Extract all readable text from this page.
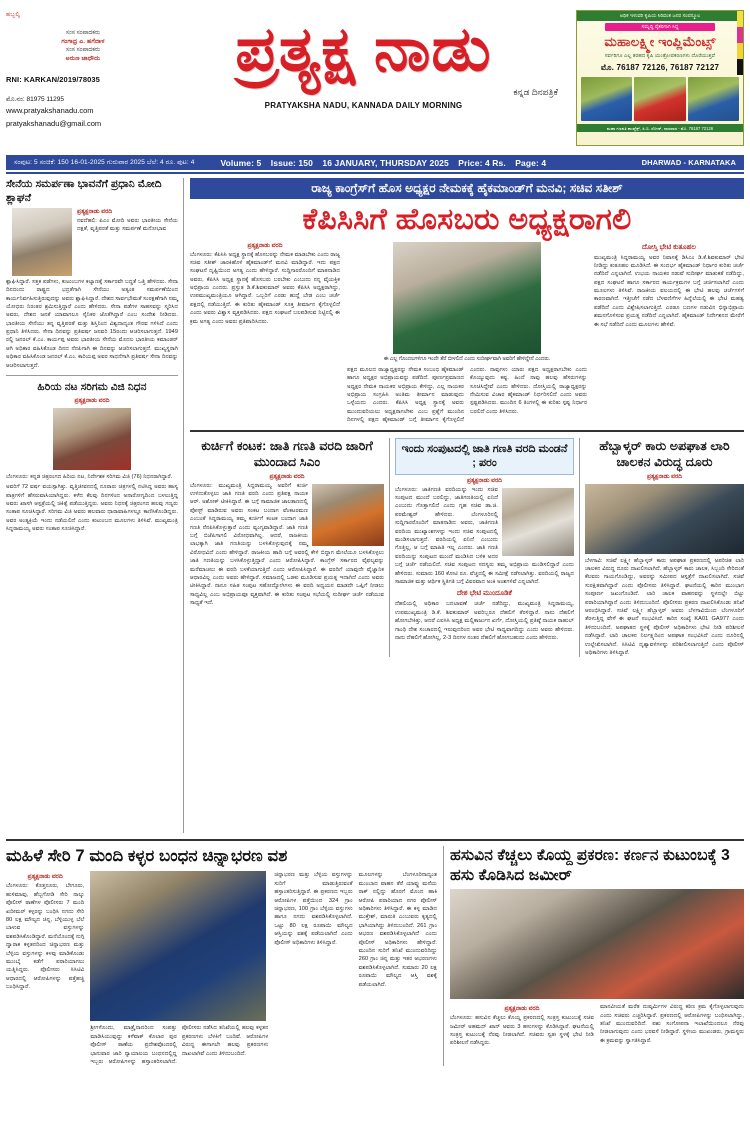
ಹಬ್ಬಲ್ಕಿ
ಸಂಸ ಸಂಪಾದಕರು
ಗಂಗಾಧ್ರ ಎ. ಹಗೆದಾಳ
ಸಂಸ ಸಂಪಾದಕರು
ಅರುಣ ಜಾಧೌದು
RNI: KARKAN/2019/78035
ಮೊ.ನಂ: 81975 11295
www.pratyakshanadu.com
pratyakshanadu@gmail.com
ಪ್ರತ್ಯಕ್ಷ ನಾಡು
ಕನ್ನಡ ದಿನಪತ್ರಿಕೆ
PRATYAKSHA NADU, KANNADA DAILY MORNING
ಅಧಿಕ ಇಳುವರಿ ಕೃಷಿಯ ಸಿರಿವಂತ ಜನರ ಸಂಪನ್ಮೂಲ
ಸಮೃದ್ಧಿ ರೈತರಿಗಾಗಿ ಸಿದ್ಧ
ಮಹಾಲಕ್ಷ್ಮೀ ಇಂಪ್ಲಿಮೆಂಟ್ಸ್
ಸರ್ವರಿಗೂ ಎಲ್ಲ ತರಹದ ಕೃಷಿ ಯಂತ್ರೋಪಕರಣಗಳು ದೊರೆಯುತ್ತವೆ
ಮೊ. 76187 72126, 76187 72127
ಮಹಾ ಗಣಪತಿ ಕಾಂಪ್ಲೆಕ್ಸ್, ಪಿ.ಬಿ. ರೋಡ್, ಧಾರವಾಡ - ಮೊ. 76187 72126
ಸಂಪುಟ: 5 ಸಂಚಿಕೆ: 150 16-01-2025 ಗುರುವಾರ 2025 ಬೆಲೆ: 4 ರೂ. ಪುಟ: 4	Volume: 5 Issue: 150 16 JANUARY, THURSDAY 2025 Price: 4 Rs. Page: 4	DHARWAD - KARNATAKA
ಸೇನೆಯ ಸಮರ್ಪಣಾ ಭಾವನೆಗೆ ಪ್ರಧಾನಿ ಮೋದಿ ಶ್ಲಾಘನೆ
ಪ್ರತ್ಯಕ್ಷನಾಡು ವರದಿ
ನವದೆಹಲಿ: ಪಿಎಂ ಮೋದಿ ಅವರು ಭಾರತೀಯ ಸೇನೆಯ ದಕ್ಷತೆ, ವೃತ್ತಿಪರತೆ ಮತ್ತು ಸಮರ್ಪಣೆ ಮನೋಭಾವ
ಶ್ಲಾಘಿಸಿದ್ದಾರೆ. ಸತ್ತಕ ಪಡೆಗಳು, ಕುಟುಂಬಗಳ ಕಲ್ಯಾಣಕ್ಕೆ ಸರ್ಕಾರವೇ ಬದ್ಧತೆ ಒತ್ತಿ ಹೇಳಿದರು. ಸೇನಾ ದಿನದಂದು ರಾಷ್ಟ್ರದ ಭದ್ರತೆಗಾಗಿ ಸೇನೆಯು ಅತ್ಯಂತ ಸಮರ್ಪಣೆಯಿಂದ ಕಾರ್ಯನಿರ್ವಹಿಸುತ್ತಿರುವುದನ್ನು ಅವರು ಶ್ಲಾಘಿಸಿದ್ದಾರೆ. ದೇಶದ ಸಾರ್ವಭೌಮತೆ ಸಂರಕ್ಷಣೆಗಾಗಿ ನಮ್ಮ ಯೋಧರು ನಿರಂತರ ಶ್ರಮಿಸುತ್ತಿದ್ದಾರೆ ಎಂದು ಹೇಳಿದರು. ಸೇನಾ ಪಡೆಗಳ ಸಾಹಸವನ್ನು ಸ್ಮರಿಸಿದ ಅವರು, ದೇಶದ ಜನತೆ ಯಾವಾಗಲೂ ಸೈನಿಕರ ಜೊತೆಗಿದ್ದಾರೆ ಎಂಬ ಸಂದೇಶ ನೀಡಿದರು. ಭಾರತೀಯ ಸೇನೆಯು ತನ್ನ ವೃತ್ತಿಪರತೆ ಮತ್ತು ಶಿಸ್ತಿನಿಂದ ವಿಶ್ವದಾದ್ಯಂತ ಗೌರವ ಗಳಿಸಿದೆ ಎಂದು ಪ್ರಧಾನಿ ತಿಳಿಸಿದರು. ಸೇನಾ ದಿನವನ್ನು ಪ್ರತಿವರ್ಷ ಜನವರಿ 15ರಂದು ಆಚರಿಸಲಾಗುತ್ತದೆ. 1949 ರಲ್ಲಿ ಜನರಲ್ ಕೆ.ಎಂ. ಕಾರ್ಯಪ್ಪ ಅವರು ಭಾರತೀಯ ಸೇನೆಯ ಮೊದಲ ಭಾರತೀಯ ಕಮಾಂಡರ್ ಆಗಿ ಅಧಿಕಾರ ವಹಿಸಿಕೊಂಡ ದಿನದ ನೆನಪಿಗಾಗಿ ಈ ದಿನವನ್ನು ಆಚರಿಸಲಾಗುತ್ತದೆ. ಮುಖ್ಯಸ್ಥರಾಗಿ ಅಧಿಕಾರ ವಹಿಸಿಕೊಂಡ ಜನರಲ್ ಕೆ.ಎಂ. ಕಾರಿಯಪ್ಪ ಅವರ ಸಾಧನೆಗಾಗಿ ಪ್ರತಿವರ್ಷ ಸೇನಾ ದಿನವನ್ನು ಆಚರಿಸಲಾಗುತ್ತದೆ.
ಹಿರಿಯ ನಟ ಸರಿಗಮ ವಿಜಿ ನಿಧನ
ಪ್ರತ್ಯಕ್ಷನಾಡು ವರದಿ
ಬೆಂಗಳೂರು: ಕನ್ನಡ ಚಿತ್ರರಂಗದ ಹಿರಿಯ ನಟ, ನಿರ್ದೇಶಕ ಸರಿಗಮ ವಿಜಿ (76) ನಿಧನರಾಗಿದ್ದಾರೆ.
ಅವರಿಗೆ 72 ವರ್ಷ ವಯಸ್ಸಾಗಿತ್ತು. ವೃತ್ತಿಜೀವನದಲ್ಲಿ ನೂರಾರು ಚಿತ್ರಗಳಲ್ಲಿ ನಟಿಸಿದ್ದ ಅವರು ಹಾಸ್ಯ ಪಾತ್ರಗಳಿಗೆ ಹೆಸರುವಾಸಿಯಾಗಿದ್ದರು. ಕಳೆದ ಕೆಲವು ದಿನಗಳಿಂದ ಅನಾರೋಗ್ಯದಿಂದ ಬಳಲುತ್ತಿದ್ದ ಅವರು ಖಾಸಗಿ ಆಸ್ಪತ್ರೆಯಲ್ಲಿ ಚಿಕಿತ್ಸೆ ಪಡೆಯುತ್ತಿದ್ದರು. ಅವರು ನಿಧನಕ್ಕೆ ಚಿತ್ರರಂಗದ ಹಲವು ಗಣ್ಯರು ಸಂತಾಪ ಸೂಚಿಸಿದ್ದಾರೆ. ಸರಿಗಮ ವಿಜಿ ಅವರು ಹಲವಾರು ಧಾರಾವಾಹಿಗಳಲ್ಲೂ ಕಾಣಿಸಿಕೊಂಡಿದ್ದರು. ಅವರ ಅಂತ್ಯಕ್ರಿಯೆ ಇಂದು ನಡೆಯಲಿದೆ ಎಂದು ಕುಟುಂಬದ ಮೂಲಗಳು ತಿಳಿಸಿವೆ. ಮುಖ್ಯಮಂತ್ರಿ ಸಿದ್ದರಾಮಯ್ಯ ಅವರು ಸಂತಾಪ ಸೂಚಿಸಿದ್ದಾರೆ.
ರಾಜ್ಯ ಕಾಂಗ್ರೆಸ್‌ಗೆ ಹೊಸ ಅಧ್ಯಕ್ಷರ ನೇಮಕಕ್ಕೆ ಹೈಕಮಾಂಡ್‌ಗೆ ಮನವಿ; ಸಚಿವ ಸತೀಶ್
ಕೆಪಿಸಿಸಿಗೆ ಹೊಸಬರು ಅಧ್ಯಕ್ಷರಾಗಲಿ
ಪ್ರತ್ಯಕ್ಷನಾಡು ವರದಿ
ಬೆಂಗಳೂರು: ಕೆಪಿಸಿಸಿ ಅಧ್ಯಕ್ಷ ಸ್ಥಾನಕ್ಕೆ ಹೊಸಬರನ್ನು ನೇಮಕ ಮಾಡಬೇಕು ಎಂದು ರಾಜ್ಯ ಸಚಿವ ಸತೀಶ್ ಜಾರಕಿಹೊಳಿ ಹೈಕಮಾಂಡ್‌ಗೆ ಮನವಿ ಮಾಡಿದ್ದಾರೆ. ಇದು ಪಕ್ಷದ ಸಂಘಟನೆ ದೃಷ್ಟಿಯಿಂದ ಅಗತ್ಯ ಎಂದು ಹೇಳಿದ್ದಾರೆ. ಸುದ್ದಿಗಾರರೊಂದಿಗೆ ಮಾತನಾಡಿದ ಅವರು, ಕೆಪಿಸಿಸಿ ಅಧ್ಯಕ್ಷ ಸ್ಥಾನಕ್ಕೆ ಹೊಸಬರು ಬರಬೇಕು ಎಂಬುದು ನನ್ನ ವೈಯಕ್ತಿಕ ಅಭಿಪ್ರಾಯ ಎಂದರು. ಪ್ರಸ್ತುತ ಡಿ.ಕೆ.ಶಿವಕುಮಾರ್ ಅವರು ಕೆಪಿಸಿಸಿ ಅಧ್ಯಕ್ಷರಾಗಿದ್ದು, ಉಪಮುಖ್ಯಮಂತ್ರಿಯೂ ಆಗಿದ್ದಾರೆ. ಒಬ್ಬರಿಗೆ ಎರಡು ಹುದ್ದೆ ಬೇಡ ಎಂಬ ಚರ್ಚೆ ಪಕ್ಷದಲ್ಲಿ ನಡೆಯುತ್ತಿದೆ. ಈ ಕುರಿತು ಹೈಕಮಾಂಡ್ ಸೂಕ್ತ ತೀರ್ಮಾನ ಕೈಗೊಳ್ಳಲಿದೆ ಎಂದು ಅವರು ವಿಶ್ವಾಸ ವ್ಯಕ್ತಪಡಿಸಿದರು. ಪಕ್ಷದ ಸಂಘಟನೆ ಬಲಪಡಿಸುವ ನಿಟ್ಟಿನಲ್ಲಿ ಈ ಕ್ರಮ ಅಗತ್ಯ ಎಂದು ಅವರು ಪ್ರತಿಪಾದಿಸಿದರು.
ಈ ಎಲ್ಲ ಗೊಂದಲಗಳಿಗೂ ಇಂದೇ ತೆರೆ ಬೀಳಲಿದೆ ಎಂದು ಸುದೀರ್ಘವಾಗಿ ಅವರಿಗೆ ಹೇಳಿದ್ದೇನೆ ಎಂದರು.
ಪಕ್ಷದ ಮೂಲದ ರಾಜ್ಯಾಧ್ಯಕ್ಷರನ್ನು ನೇಮಕ ಸಂಬಂಧ ಹೈಕಮಾಂಡ್ ಹಾಗೂ ಅಧ್ಯಕ್ಷರ ಅಭಿಪ್ರಾಯವನ್ನು ಪಡೆದಿದೆ. ಪೂರ್ಣಪ್ರಮಾಣದ ಅಧ್ಯಕ್ಷರ ನೇಮಕ ನಾಯಕರ ಅಭಿಪ್ರಾಯ ಕೇಳಿದ್ದು, ಎಲ್ಲ ನಾಯಕರ ಅಭಿಪ್ರಾಯ ಸಂಗ್ರಹಿಸಿ ಅಂತಿಮ ತೀರ್ಮಾನ ಮಾಡುವುದು ಒಳ್ಳೆಯದು ಎಂದರು. ಕೆಪಿಸಿಸಿ ಅಧ್ಯಕ್ಷ ಸ್ಥಾನಕ್ಕೆ ಅವರು ಮುಂದುವರಿಯಲು ಅಧ್ಯಕ್ಷರಾಗಲೇಕು ಎಂಬ ಪ್ರಶ್ನೆಗೆ ಮುಂದಿನ ದಿನಗಳಲ್ಲಿ ಪಕ್ಷದ ಹೈಕಮಾಂಡ್ ಬಗ್ಗೆ ತೀರ್ಮಾನ ಕೈಗೊಳ್ಳಲಿದೆ ಎಂದರು. ನಾವುಗಳು ಯಾರು ಪಕ್ಷದ ಅಧ್ಯಕ್ಷರಾಗಬೇಕು ಎಂದು ಕೊಯ್ಯುವುದು ಕಷ್ಟ. ಹಿಂದೆ ನಾವು ಹಲವು ಹೆಸರುಗಳನ್ನು ಸೂಚಿಸಿದ್ದೇವೆ ಎಂದು ಹೇಳಿದರು. ದೋಸ್ತಿಯಲ್ಲಿ ರಾಜ್ಯಾಧ್ಯಕ್ಷರನ್ನು ನೇಮಿಸುವ ವಿಚಾರ ಹೈಕಮಾಂಡ್ ನಿರ್ಧರಿಸಲಿದೆ ಎಂದು ಅವರು ಸ್ಪಷ್ಟಪಡಿಸಿದರು. ಮುಂದಿನ 6 ತಿಂಗಳಲ್ಲಿ ಈ ಕುರಿತು ಸ್ಪಷ್ಟ ನಿರ್ಧಾರ ಬರಲಿದೆ ಎಂದು ತಿಳಿಸಿದರು.
ದೋಸ್ತಿ ಭೇಟಿ ಕುತೂಹಲ
ಮುಖ್ಯಮಂತ್ರಿ ಸಿದ್ದರಾಮಯ್ಯ ಅವರ ನಿವಾಸಕ್ಕೆ ಡಿಸಿಎಂ ಡಿ.ಕೆ.ಶಿವಕುಮಾರ್ ಭೇಟಿ ನೀಡಿದ್ದು ಕುತೂಹಲ ಮೂಡಿಸಿದೆ. ಈ ಸಂದರ್ಭ ಹೈಕಮಾಂಡ್ ನಿರ್ಧಾರ ಕುರಿತು ಚರ್ಚೆ ನಡೆದಿದೆ ಎನ್ನಲಾಗಿದೆ. ಉಭಯ ನಾಯಕರ ನಡುವೆ ಸುದೀರ್ಘ ಮಾತುಕತೆ ನಡೆದಿದ್ದು, ಪಕ್ಷದ ಸಂಘಟನೆ ಹಾಗೂ ಸರ್ಕಾರದ ಕಾರ್ಯಕ್ರಮಗಳ ಬಗ್ಗೆ ಚರ್ಚಿಸಲಾಗಿದೆ ಎಂದು ಮೂಲಗಳು ತಿಳಿಸಿವೆ. ರಾಜಕೀಯ ವಲಯದಲ್ಲಿ ಈ ಭೇಟಿ ಹಲವು ಚರ್ಚೆಗಳಿಗೆ ಕಾರಣವಾಗಿದೆ. ಇತ್ತೀಚೆಗೆ ನಡೆದ ಬೆಳವಣಿಗೆಗಳ ಹಿನ್ನೆಲೆಯಲ್ಲಿ ಈ ಭೇಟಿ ಮಹತ್ವ ಪಡೆದಿದೆ ಎಂದು ವಿಶ್ಲೇಷಿಸಲಾಗುತ್ತಿದೆ. ಎರಡೂ ಬಣಗಳ ನಡುವಿನ ಭಿನ್ನಾಭಿಪ್ರಾಯ ಶಮನಗೊಳಿಸುವ ಪ್ರಯತ್ನ ನಡೆದಿದೆ ಎನ್ನಲಾಗಿದೆ. ಹೈಕಮಾಂಡ್ ನಿರ್ದೇಶನದ ಮೇರೆಗೆ ಈ ಸಭೆ ನಡೆದಿದೆ ಎಂದು ಮೂಲಗಳು ಹೇಳಿವೆ.
ಕುರ್ಚಿಗೆ ಕಂಟಕ: ಜಾತಿ ಗಣತಿ ವರದಿ ಜಾರಿಗೆ ಮುಂದಾದ ಸಿಎಂ
ಪ್ರತ್ಯಕ್ಷನಾಡು ವರದಿ
ಬೆಂಗಳೂರು: ಮುಖ್ಯಮಂತ್ರಿ ಸಿದ್ದರಾಮಯ್ಯ ಅವರಿಗೆ ಕುರ್ಚಿ ಉಳಿದುಕೊಳ್ಳಲು ಜಾತಿ ಗಣತಿ ವರದಿ ಎಂದು ಪ್ರತಿಪಕ್ಷ ನಾಯಕ ಆರ್. ಅಶೋಕ್ ಟೀಕಿಸಿದ್ದಾರೆ. ಈ ಬಗ್ಗೆ ಸಾಮಾಜಿಕ ಜಾಲತಾಣದಲ್ಲಿ ಪೋಸ್ಟ್ ಮಾಡಿರುವ ಅವರು ಸಂಕಟ ಬಂದಾಗ ವೆಂಕಟರಮಣ ಎಂಬಂತೆ ಸಿದ್ದರಾಮಯ್ಯ ತಮ್ಮ ಕುರ್ಚಿಗೆ ಕಂಟಕ ಬಂದಾಗ ಜಾತಿ ಗಣತಿ ನೆನಪಿಸಿಕೊಳ್ಳುತ್ತಾರೆ ಎಂದು ವ್ಯಂಗ್ಯವಾಡಿದ್ದಾರೆ. ಜಾತಿ ಗಣತಿ ಬಗ್ಗೆ ಬಿಜೆಪಿಗಾಗಲಿ ವಿರೋಧವಾಗಿಲ್ಲ. ಆದರೆ, ರಾಜಕೀಯ ಲಾಭಕ್ಕಾಗಿ ಜಾತಿ ಗಣತಿಯನ್ನು ಬಳಸಿಕೊಳ್ಳುವುದಕ್ಕೆ ನಮ್ಮ ವಿರೋಧವಿದೆ ಎಂದು ಹೇಳಿದ್ದಾರೆ. ರಾಜಕೀಯ ಹಾದಿ ಬಗ್ಗೆ ಅವರಲ್ಲಿ ಕೇಳಿ ಬಿದ್ದಾಗ ಮೇಲೆಯೂ ಬಳಸಿಕೊಳ್ಳಲು ಜಾತಿ ಗಣತಿಯನ್ನು ಬಳಸಿಕೊಳ್ಳುತ್ತಿದ್ದಾರೆ ಎಂದು ಆರೋಪಿಸಿದ್ದಾರೆ. ಕಾಂಗ್ರೆಸ್ ಸರ್ಕಾರದ ವೈಫಲ್ಯವನ್ನು ಮರೆಮಾಚಲು ಈ ವರದಿ ಬಳಕೆಯಾಗುತ್ತಿದೆ ಎಂದು ಆರೋಪಿಸಿದ್ದಾರೆ. ಈ ವರದಿಗೆ ಯಾವುದೇ ವೈಜ್ಞಾನಿಕ ಆಧಾರವಿಲ್ಲ ಎಂದು ಅವರು ಹೇಳಿದ್ದಾರೆ. ಸಮಾಜದಲ್ಲಿ ಒಡಕು ಮೂಡಿಸುವ ಪ್ರಯತ್ನ ಇದಾಗಿದೆ ಎಂದು ಅವರು ಟೀಕಿಸಿದ್ದಾರೆ. ನಾನೂ ಸಹಿತ ಸಂಪುಟ ಸಹೋದ್ಯೋಗಿಗಳು ಈ ವರದಿ ಅಧ್ಯಯನ ಮಾಡದೇ ಒಪ್ಪಿಗೆ ನೀಡಲು ಸಾಧ್ಯವಿಲ್ಲ ಎಂಬ ಅಭಿಪ್ರಾಯವೂ ವ್ಯಕ್ತವಾಗಿದೆ. ಈ ಕುರಿತು ಸಂಪುಟ ಸಭೆಯಲ್ಲಿ ಸುದೀರ್ಘ ಚರ್ಚೆ ನಡೆಯುವ ಸಾಧ್ಯತೆ ಇದೆ.
ಇಂದು ಸಂಪುಟದಲ್ಲಿ ಜಾತಿ ಗಣತಿ ವರದಿ ಮಂಡನೆ ; ಪರಂ
ಪ್ರತ್ಯಕ್ಷನಾಡು ವರದಿ
ಬೆಂಗಳೂರು: ಜಾತಿಗಣತಿ ವರದಿಯನ್ನು ಇಂದು ಸಚಿವ ಸಂಪುಟದ ಮುಂದೆ ಬರಲಿದ್ದು, ಜಾತಿಗಣತಿಯಲ್ಲಿ ಏನಿದೆ ಎಂಬುದು ಗೊತ್ತಾಗಲಿದೆ ಎಂದು ಗೃಹ ಸಚಿವ ಡಾ.ಜಿ. ಪರಮೇಶ್ವರ್ ಹೇಳಿದರು. ಬೆಂಗಳೂರಿನಲ್ಲಿ ಸುದ್ದಿಗಾರರೊಂದಿಗೆ ಮಾತನಾಡಿದ ಅವರು, ಜಾತಿಗಣತಿ ವರದಿಯ ಮುಖ್ಯಾಂಶಗಳನ್ನು ಇಂದು ಸಚಿವ ಸಂಪುಟದಲ್ಲಿ ಮಂಡಿಸಲಾಗುತ್ತದೆ. ವರದಿಯಲ್ಲಿ ಏನಿದೆ ಎಂಬುದು ಗೊತ್ತಿಲ್ಲ, ಆ ಬಗ್ಗೆ ಮಾಹಿತಿ ಇಲ್ಲ ಎಂದರು. ಜಾತಿ ಗಣತಿ ವರದಿಯನ್ನು ಸಂಪುಟದ ಮುಂದೆ ಮಂಡಿಸಿದ ಬಳಿಕ ಅದರ ಬಗ್ಗೆ ಚರ್ಚೆ ನಡೆಯಲಿದೆ. ಸಚಿವ ಸಂಪುಟದ ಸದಸ್ಯರು ತಮ್ಮ ಅಭಿಪ್ರಾಯ ಮಂಡಿಸಲಿದ್ದಾರೆ ಎಂದು ಹೇಳಿದರು. ಸುಮಾರು 160 ಕೋಟಿ ರೂ. ವೆಚ್ಚದಲ್ಲಿ ಈ ಸಮೀಕ್ಷೆ ನಡೆಸಲಾಗಿತ್ತು. ವರದಿಯಲ್ಲಿ ರಾಜ್ಯದ ಸಾಮಾಜಿಕ ಮತ್ತು ಆರ್ಥಿಕ ಸ್ಥಿತಿಗತಿ ಬಗ್ಗೆ ವಿವರವಾದ ಅಂಕಿ ಅಂಶಗಳಿವೆ ಎನ್ನಲಾಗಿದೆ.
ದೇಶ ಭೇಟಿ ಮುಂದೂಡಿಕೆ
ದೆಹಲಿಯಲ್ಲಿ ಅಧಿಕಾರ ಬದಲಾವಣೆ ಚರ್ಚೆ ನಡೆದಿದ್ದು, ಮುಖ್ಯಮಂತ್ರಿ ಸಿದ್ದರಾಮಯ್ಯ, ಉಪಮುಖ್ಯಮಂತ್ರಿ ಡಿ.ಕೆ. ಶಿವಕುಮಾರ್ ಅವರಿಬ್ಬರೂ ದೆಹಲಿಗೆ ತೆರಳಿದ್ದಾರೆ. ನಾನು ದೆಹಲಿಗೆ ಹೋಗಬೇಕಿತ್ತು, ಆದರೆ ಎಐಸಿಸಿ ಅಧ್ಯಕ್ಷ ಮಲ್ಲಿಕಾರ್ಜುನ ಖರ್ಗೆ, ದೋಸ್ತಿಯಲ್ಲಿ ಪ್ರತಿಷ್ಠೆ ನಾಯಕ ರಾಹುಲ್ ಗಾಂಧಿ ದೇಶ ಸಂಚಾರದಲ್ಲಿ ಇರುವುದರಿಂದ ಅವರ ಭೇಟಿ ಸಾಧ್ಯವಾಗದಿದ್ದು ಎಂದು ಅವರು ಹೇಳಿದರು. ನಾನು ದೆಹಲಿಗೆ ಹೋಗಿಲ್ಲ, 2-3 ದಿನಗಳ ನಂತರ ದೆಹಲಿಗೆ ಹೋಗಬಹುದು ಎಂದು ಹೇಳಿದರು.
ಹೆಬ್ಬಾಳ್ಕರ್ ಕಾರು ಅಪಘಾತ ಲಾರಿ ಚಾಲಕನ ವಿರುದ್ಧ ದೂರು
ಪ್ರತ್ಯಕ್ಷನಾಡು ವರದಿ
ಬೆಳಗಾವಿ: ಸಚಿವೆ ಲಕ್ಷ್ಮೀ ಹೆಬ್ಬಾಳ್ಕರ್ ಕಾರು ಅಪಘಾತ ಪ್ರಕರಣದಲ್ಲಿ ಅಪರಿಚಿತ ಲಾರಿ ಚಾಲಕನ ವಿರುದ್ಧ ದೂರು ದಾಖಲಿಸಲಾಗಿದೆ. ಹೆಬ್ಬಾಳ್ಕರ್ ಕಾರು ಚಾಲಕ, ಸಿಬ್ಬಂದಿ ಸೇರಿದಂತೆ ಕೆಲವರು ಗಾಯಗೊಂಡಿದ್ದು, ಅವರನ್ನು ಸಮೀಪದ ಆಸ್ಪತ್ರೆಗೆ ದಾಖಲಿಸಲಾಗಿದೆ. ಸಚಿವೆ ಸುರಕ್ಷಿತವಾಗಿದ್ದಾರೆ ಎಂದು ಪೊಲೀಸರು ತಿಳಿಸಿದ್ದಾರೆ. ಘಟನೆಯಲ್ಲಿ ಕಾರಿನ ಮುಂಭಾಗ ಸಂಪೂರ್ಣ ಜಖಂಗೊಂಡಿದೆ. ಲಾರಿ ಚಾಲಕ ವಾಹನವನ್ನು ಸ್ಥಳದಲ್ಲೇ ಬಿಟ್ಟು ಪರಾರಿಯಾಗಿದ್ದಾನೆ ಎಂದು ತಿಳಿದುಬಂದಿದೆ. ಪೊಲೀಸರು ಪ್ರಕರಣ ದಾಖಲಿಸಿಕೊಂಡು ತನಿಖೆ ಆರಂಭಿಸಿದ್ದಾರೆ. ಸಚಿವೆ ಲಕ್ಷ್ಮೀ ಹೆಬ್ಬಾಳ್ಕರ್ ಅವರು ಬೆಳಗಾವಿಯಿಂದ ಬೆಂಗಳೂರಿಗೆ ತೆರಳುತ್ತಿದ್ದ ವೇಳೆ ಈ ಘಟನೆ ಸಂಭವಿಸಿದೆ. ಕಾರಿನ ಸಂಖ್ಯೆ KA01 GA977 ಎಂದು ತಿಳಿದುಬಂದಿದೆ. ಅಪಘಾತದ ಸ್ಥಳಕ್ಕೆ ಪೊಲೀಸ್ ಅಧಿಕಾರಿಗಳು ಭೇಟಿ ನೀಡಿ ಪರಿಶೀಲನೆ ನಡೆಸಿದ್ದಾರೆ. ಲಾರಿ ಚಾಲಕನ ನಿರ್ಲಕ್ಷ್ಯದಿಂದ ಅಪಘಾತ ಸಂಭವಿಸಿದೆ ಎಂದು ದೂರಿನಲ್ಲಿ ಉಲ್ಲೇಖಿಸಲಾಗಿದೆ. ಸಿಸಿಟಿವಿ ದೃಶ್ಯಾವಳಿಗಳನ್ನು ಪರಿಶೀಲಿಸಲಾಗುತ್ತಿದೆ ಎಂದು ಪೊಲೀಸ್ ಅಧಿಕಾರಿಗಳು ತಿಳಿಸಿದ್ದಾರೆ.
ಮಹಿಳೆ ಸೇರಿ 7 ಮಂದಿ ಕಳ್ಳರ ಬಂಧನ ಚಿನ್ನಾಭರಣ ವಶ
ಪ್ರತ್ಯಕ್ಷನಾಡು ವರದಿ
ಬೆಂಗಳೂರು: ಕೊತ್ತನೂರು, ಬೇಗೂರು, ಹುಳಿಮಾವು, ಹೆಬ್ಬಗೋಡಿ ಸೇರಿ ನಾಲ್ಕು ಪೊಲೀಸ್ ಠಾಣೆಗಳ ಪೊಲೀಸರು 7 ಮಂದಿ ಖದೀಮರ್ ಕಳ್ಳರನ್ನು ಬಂಧಿಸಿ ನಗದು ಸೇರಿ 80 ಲಕ್ಷ ಮೌಲ್ಯದ ಚಿನ್ನ, ಬೆಳ್ಳಿಯುಳ್ಳ ಬೆಲೆ ಬಾಳುವ ವಸ್ತುಗಳನ್ನು ವಶಪಡಿಸಿಕೊಂಡಿದ್ದಾರೆ. ಮನೆಯೊಂದಕ್ಕೆ ನುಗ್ಗಿ ದ್ವಾರಾಕ ಕಳ್ಳತನದಿಂದ ಚಿನ್ನಾಭರಣ ಮತ್ತು ಬೆಳ್ಳಿಯ ವಸ್ತುಗಳನ್ನು ಕಳವು ಮಾಡಿಕೊಂಡು ಮುಂಬೈ ಕಡೆಗೆ ಪರಾರಿಯಾಗಲು ಯತ್ನಿಸಿದ್ದರು. ಪೊಲೀಸರು ಸಿಸಿಟಿವಿ ಆಧಾರದಲ್ಲಿ ಆರೋಪಿಗಳನ್ನು ಪತ್ತೆಹಚ್ಚಿ ಬಂಧಿಸಿದ್ದಾರೆ.
ಶ್ರೀಗಳೊಂದು, ಮಾತ್ರೈನಾದರಿಂದ ಸಂಪತ್ತು ಮಾಡಿಸಿಯುವುದ್ದು ಕಳೆವಾಕ್ ಕೊಲಾರ ಪುರ ಪೊಲೀಸ್ ಠಾಣೆಯ ಪ್ರದೇಶವೊಂದರಲ್ಲಿ ಭಾನುವಾರ ಜಾರಿ ನ್ಯಾಯಾಲಯ ಬಂಧನದಲ್ಲಿದ್ದ ಇಬ್ಬರು ಆರೋಪಿಗಳನ್ನು ಹಸ್ತಾಂತರಿಸಲಾಗಿದೆ. ಪೊಲೀಸರು ನಡೆಸಿದ ತನಿಖೆಯಲ್ಲಿ ಹಲವು ಕಳ್ಳತನ ಪ್ರಕರಣಗಳು ಬೆಳಕಿಗೆ ಬಂದಿವೆ. ಆರೋಪಿಗಳ ವಿರುದ್ಧ ಈಗಾಗಲೇ ಹಲವು ಪ್ರಕರಣಗಳು ದಾಖಲಾಗಿವೆ ಎಂದು ತಿಳಿದುಬಂದಿದೆ.
ಚಿನ್ನಾಭರಣ ಮತ್ತು ಬೆಳ್ಳಿಯ ವಸ್ತುಗಳನ್ನು ಸುರಿಗೆ ಮಾಡುತ್ತಿರುವಂತೆ ಹಸ್ತಾಂತರಿಸುತ್ತಿದ್ದಾರೆ. ಈ ಪ್ರಕರಣದ ಇಬ್ಬರು ಆರೋಪಿಗಳ ಪತ್ತೆಯಿಂದ 324 ಗ್ರಾಂ ಚಿನ್ನಾಭರಣ, 100 ಗ್ರಾಂ ಬೆಳ್ಳಿಯ ವಸ್ತುಗಳು ಹಾಗೂ ನಗದು ವಶಪಡಿಸಿಕೊಳ್ಳಲಾಗಿದೆ. ಒಟ್ಟು 80 ಲಕ್ಷ ರೂಪಾಯಿ ಮೌಲ್ಯದ ಆಸ್ತಿಯನ್ನು ವಶಕ್ಕೆ ಪಡೆಯಲಾಗಿದೆ ಎಂದು ಪೊಲೀಸ್ ಅಧಿಕಾರಿಗಳು ತಿಳಿಸಿದ್ದಾರೆ.
ಮೂಲಗಳನ್ನು ಬೆಂಗಳೂರಿನಾದ್ಯಂತ ಮುಂಬಾದ ವಾಹನ ತೆರೆ ಯಾವ್ದು ಮನೆಯ ರಾಕ್ ನಲ್ಲಿದ್ದು ಹೊರಗೆ ಮೊಂದ ಹಾಕಿ ಆರೋಪಿ ಪರಾರಿಯಾದ ನಗರ ಪೊಲೀಸ್ ಅಧಿಕಾರಿಗಳು ತಿಳಿಸಿದ್ದಾರೆ. ಈ ಕಳ್ಳ ಮಾಡಿದ ಮುಕ್ತೇಶ್, ಮಾರುತಿ ಎಂಬುವರು ಕೃತ್ಯದಲ್ಲಿ ಭಾಗಿಯಾಗಿದ್ದು ತಿಳಿದುಬಂದಿದೆ. 261 ಗ್ರಾಂ ಆಭರಣ ವಶಪಡಿಸಿಕೊಳ್ಳಲಾಗಿದೆ ಎಂದು ಪೊಲೀಸ್ ಅಧಿಕಾರಿಗಳು ಹೇಳಿದ್ದಾರೆ. ಮುಂದಿನ ಸುರಿಗೆ ತನಿಖೆ ಮುಂದುವರಿದಿದ್ದು 260 ಗ್ರಾಂ ಚಿನ್ನ ಮತ್ತು ಇತರ ಆಭರಣಗಳು ವಶಪಡಿಸಿಕೊಳ್ಳಲಾಗಿದೆ. ಸುಮಾರು 20 ಲಕ್ಷ ರೂಪಾಯಿ ಮೌಲ್ಯದ ಆಸ್ತಿ ವಶಕ್ಕೆ ಪಡೆಯಲಾಗಿದೆ.
ಹಸುವಿನ ಕೆಚ್ಚಲು ಕೊಯ್ದ ಪ್ರಕರಣ: ಕರ್ಣನ ಕುಟುಂಬಕ್ಕೆ 3 ಹಸು ಕೊಡಿಸಿದ ಜಮೀರ್
ಪ್ರತ್ಯಕ್ಷನಾಡು ವರದಿ
ಬೆಂಗಳೂರು: ಹಸುವಿನ ಕೆಚ್ಚಲು ಕೊಯ್ದ ಪ್ರಕರಣದಲ್ಲಿ ಸಂತ್ರಸ್ತ ಕುಟುಂಬಕ್ಕೆ ಸಚಿವ ಜಮೀರ್ ಅಹಮದ್ ಖಾನ್ ಅವರು 3 ಹಸುಗಳನ್ನು ಕೊಡಿಸಿದ್ದಾರೆ. ಘಟನೆಯಲ್ಲಿ ಸಂತ್ರಸ್ತ ಕುಟುಂಬಕ್ಕೆ ನೆರವು ನೀಡಲಾಗಿದೆ. ಸಚಿವರು ಸ್ವತಃ ಸ್ಥಳಕ್ಕೆ ಭೇಟಿ ನೀಡಿ ಪರಿಶೀಲನೆ ನಡೆಸಿದ್ದರು.
ಮಾನವೀಯತೆ ಮರೆತ ದುಷ್ಕರ್ಮಿಗಳ ವಿರುದ್ಧ ಕಠಿಣ ಕ್ರಮ ಕೈಗೊಳ್ಳಲಾಗುವುದು ಎಂದು ಸಚಿವರು ಎಚ್ಚರಿಸಿದ್ದಾರೆ. ಪ್ರಕರಣದಲ್ಲಿ ಆರೋಪಿಗಳನ್ನು ಬಂಧಿಸಲಾಗಿದ್ದು, ತನಿಖೆ ಮುಂದುವರಿದಿದೆ. ಪಶು ಸಂಗೋಪನಾ ಇಲಾಖೆಯಿಂದಲೂ ನೆರವು ನೀಡಲಾಗುವುದು ಎಂದು ಭರವಸೆ ನೀಡಿದ್ದಾರೆ. ಸ್ಥಳೀಯ ಮುಖಂಡರು, ಗ್ರಾಮಸ್ಥರು ಈ ಕ್ರಮವನ್ನು ಸ್ವಾಗತಿಸಿದ್ದಾರೆ.
